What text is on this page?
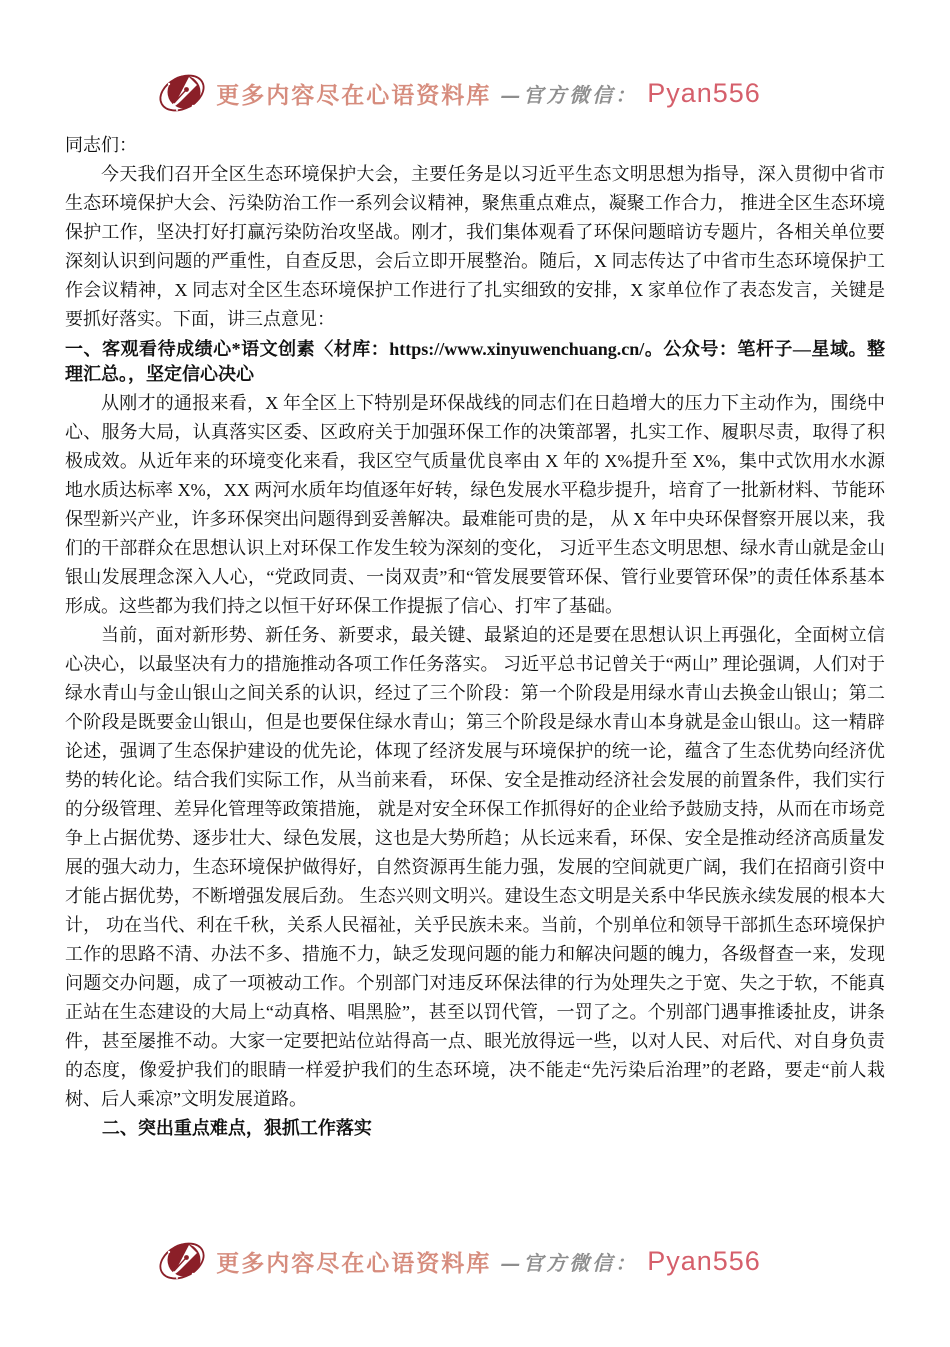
更多内容尽在心语资料库 —官方微信： Pyan556

同志们：

今天我们召开全区生态环境保护大会，主要任务是以习近平生态文明思想为指导，深入贯彻中省市生态环境保护大会、污染防治工作一系列会议精神，聚焦重点难点，凝聚工作合力， 推进全区生态环境保护工作，坚决打好打赢污染防治攻坚战。刚才，我们集体观看了环保问题暗访专题片，各相关单位要深刻认识到问题的严重性，自查反思，会后立即开展整治。随后，X 同志传达了中省市生态环境保护工作会议精神，X 同志对全区生态环境保护工作进行了扎实细致的安排，X 家单位作了表态发言，关键是要抓好落实。下面，讲三点意见：

一、客观看待成绩心*语文创素〈材库：https://www.xinyuwenchuang.cn/。公众号：笔杆子—星域。整理汇总。，坚定信心决心

从刚才的通报来看，X 年全区上下特别是环保战线的同志们在日趋增大的压力下主动作为，围绕中心、服务大局，认真落实区委、区政府关于加强环保工作的决策部署，扎实工作、履职尽责，取得了积极成效。从近年来的环境变化来看，我区空气质量优良率由 X 年的 X%提升至 X%，集中式饮用水水源地水质达标率 X%，XX 两河水质年均值逐年好转，绿色发展水平稳步提升，培育了一批新材料、节能环保型新兴产业，许多环保突出问题得到妥善解决。最难能可贵的是， 从 X 年中央环保督察开展以来，我们的干部群众在思想认识上对环保工作发生较为深刻的变化， 习近平生态文明思想、绿水青山就是金山银山发展理念深入人心，“党政同责、一岗双责”和“管发展要管环保、管行业要管环保”的责任体系基本形成。这些都为我们持之以恒干好环保工作提振了信心、打牢了基础。

当前，面对新形势、新任务、新要求，最关键、最紧迫的还是要在思想认识上再强化，全面树立信心决心，以最坚决有力的措施推动各项工作任务落实。 习近平总书记曾关于“两山” 理论强调，人们对于绿水青山与金山银山之间关系的认识，经过了三个阶段：第一个阶段是用绿水青山去换金山银山；第二个阶段是既要金山银山，但是也要保住绿水青山；第三个阶段是绿水青山本身就是金山银山。这一精辟论述，强调了生态保护建设的优先论，体现了经济发展与环境保护的统一论，蕴含了生态优势向经济优势的转化论。结合我们实际工作，从当前来看， 环保、安全是推动经济社会发展的前置条件，我们实行的分级管理、差异化管理等政策措施， 就是对安全环保工作抓得好的企业给予鼓励支持，从而在市场竞争上占据优势、逐步壮大、绿色发展，这也是大势所趋；从长远来看，环保、安全是推动经济高质量发展的强大动力，生态环境保护做得好，自然资源再生能力强，发展的空间就更广阔，我们在招商引资中才能占据优势，不断增强发展后劲。 生态兴则文明兴。建设生态文明是关系中华民族永续发展的根本大计， 功在当代、利在千秋，关系人民福祉，关乎民族未来。当前，个别单位和领导干部抓生态环境保护工作的思路不清、办法不多、措施不力，缺乏发现问题的能力和解决问题的魄力，各级督查一来，发现问题交办问题，成了一项被动工作。个别部门对违反环保法律的行为处理失之于宽、失之于软，不能真正站在生态建设的大局上“动真格、唱黑脸”，甚至以罚代管，一罚了之。个别部门遇事推诿扯皮，讲条件，甚至屡推不动。大家一定要把站位站得高一点、眼光放得远一些，以对人民、对后代、对自身负责的态度，像爱护我们的眼睛一样爱护我们的生态环境，决不能走“先污染后治理”的老路，要走“前人栽树、后人乘凉”文明发展道路。

二、突出重点难点，狠抓工作落实

更多内容尽在心语资料库 —官方微信： Pyan556
